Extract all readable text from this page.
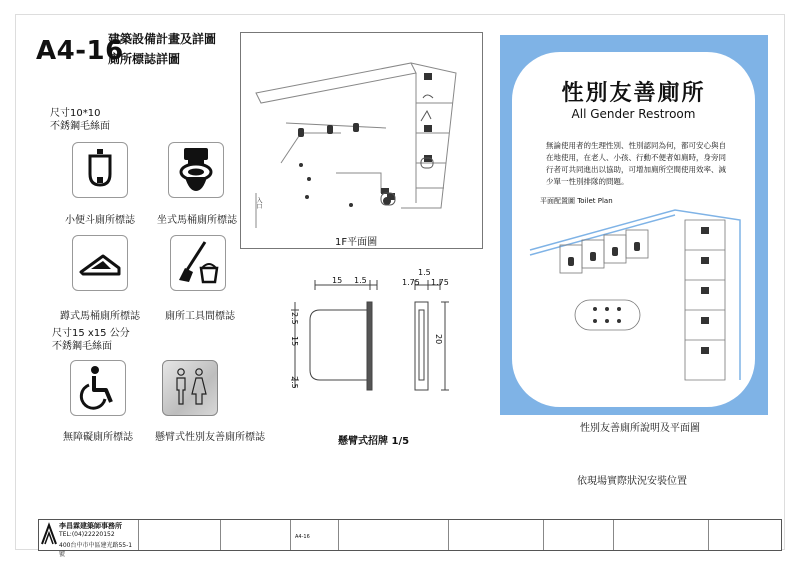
A4-16
建築設備計畫及詳圖
廁所標誌詳圖
尺寸10*10
不銹鋼毛絲面
尺寸15 x15 公分
不銹鋼毛絲面
小便斗廁所標誌	坐式馬桶廁所標誌
蹲式馬桶廁所標誌	廁所工具間標誌
無障礙廁所標誌	懸臂式性別友善廁所標誌
入口
1F平面圖
15 1.5
1.5
1.75 1.75
2.5
15
2.5
20
懸臂式招牌 1/5
性別友善廁所
All Gender Restroom
無論使用者的生理性別、性別認同為何，都可安心與自在地使用，在老人、小孩、行動不便者如廁時，身旁同行者可共同進出以協助，可增加廁所空間使用效率、減少單一性別排隊的問題。
平面配置圖 Toilet Plan
性別友善廁所說明及平面圖
依現場實際狀況安裝位置
李昌霖建築師事務所
TEL:(04)22220152
400台中市中區建光路55-1號
A4-16
